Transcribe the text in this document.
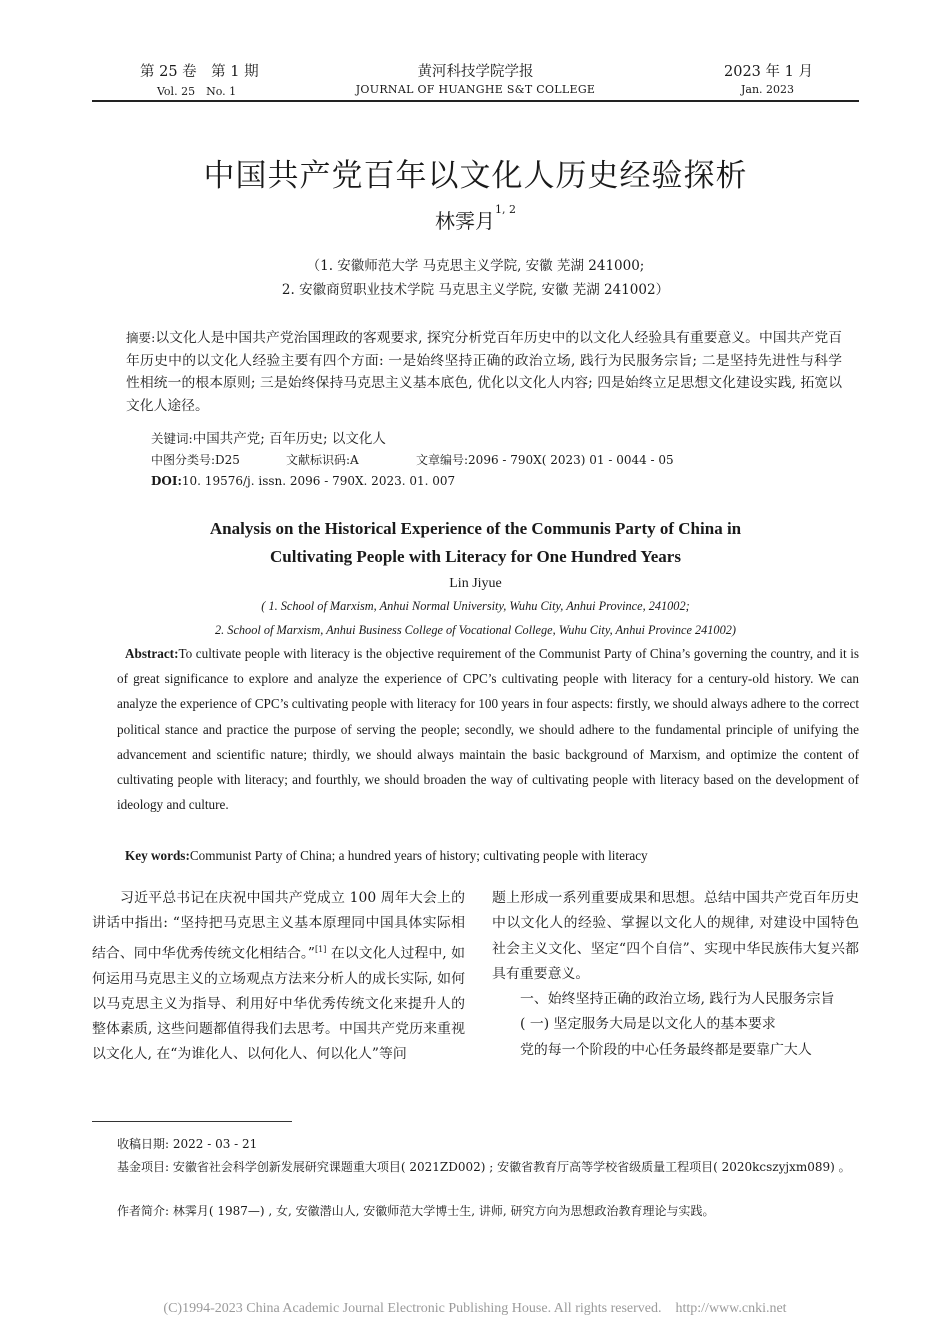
第 25 卷　第 1 期
Vol. 25　No. 1
黄河科技学院学报
JOURNAL OF HUANGHE S&T COLLEGE
2023 年 1 月
Jan. 2023
中国共产党百年以文化人历史经验探析
林霁月$^{1, 2}$
（1. 安徽师范大学 马克思主义学院, 安徽 芜湖 241000;
2. 安徽商贸职业技术学院 马克思主义学院, 安徽 芜湖 241002）
摘要:以文化人是中国共产党治国理政的客观要求, 探究分析党百年历史中的以文化人经验具有重要意义。中国共产党百年历史中的以文化人经验主要有四个方面: 一是始终坚持正确的政治立场, 践行为民服务宗旨; 二是坚持先进性与科学性相统一的根本原则; 三是始终保持马克思主义基本底色, 优化以文化人内容; 四是始终立足思想文化建设实践, 拓宽以文化人途径。
关键词:中国共产党; 百年历史; 以文化人
中图分类号:D25	文献标识码:A	文章编号:2096 - 790X( 2023) 01 - 0044 - 05
DOI:10. 19576/j. issn. 2096 - 790X. 2023. 01. 007
Analysis on the Historical Experience of the Communis Party of China in
Cultivating People with Literacy for One Hundred Years
Lin Jiyue
( 1. School of Marxism, Anhui Normal University, Wuhu City, Anhui Province, 241002;
2. School of Marxism, Anhui Business College of Vocational College, Wuhu City, Anhui Province 241002)
Abstract:To cultivate people with literacy is the objective requirement of the Communist Party of China’s governing the country, and it is of great significance to explore and analyze the experience of CPC’s cultivating people with literacy for a century-old history. We can analyze the experience of CPC’s cultivating people with literacy for 100 years in four aspects: firstly, we should always adhere to the correct political stance and practice the purpose of serving the people; secondly, we should adhere to the fundamental principle of unifying the advancement and scientific nature; thirdly, we should always maintain the basic background of Marxism, and optimize the content of cultivating people with literacy; and fourthly, we should broaden the way of cultivating people with literacy based on the development of ideology and culture.
Key words:Communist Party of China; a hundred years of history; cultivating people with literacy
习近平总书记在庆祝中国共产党成立 100 周年大会上的讲话中指出: “坚持把马克思主义基本原理同中国具体实际相结合、同中华优秀传统文化相结合。”[1] 在以文化人过程中, 如何运用马克思主义的立场观点方法来分析人的成长实际, 如何以马克思主义为指导、利用好中华优秀传统文化来提升人的整体素质, 这些问题都值得我们去思考。中国共产党历来重视以文化人, 在“为谁化人、以何化人、何以化人”等问
题上形成一系列重要成果和思想。总结中国共产党百年历史中以文化人的经验、掌握以文化人的规律, 对建设中国特色社会主义文化、坚定“四个自信”、实现中华民族伟大复兴都具有重要意义。
一、始终坚持正确的政治立场, 践行为人民服务宗旨
( 一) 坚定服务大局是以文化人的基本要求
党的每一个阶段的中心任务最终都是要靠广大人
收稿日期: 2022 - 03 - 21
基金项目: 安徽省社会科学创新发展研究课题重大项目( 2021ZD002) ; 安徽省教育厅高等学校省级质量工程项目( 2020kcszyjxm089) 。
作者简介: 林霁月( 1987—) , 女, 安徽潜山人, 安徽师范大学博士生, 讲师, 研究方向为思想政治教育理论与实践。
(C)1994-2023 China Academic Journal Electronic Publishing House. All rights reserved.　http://www.cnki.net
